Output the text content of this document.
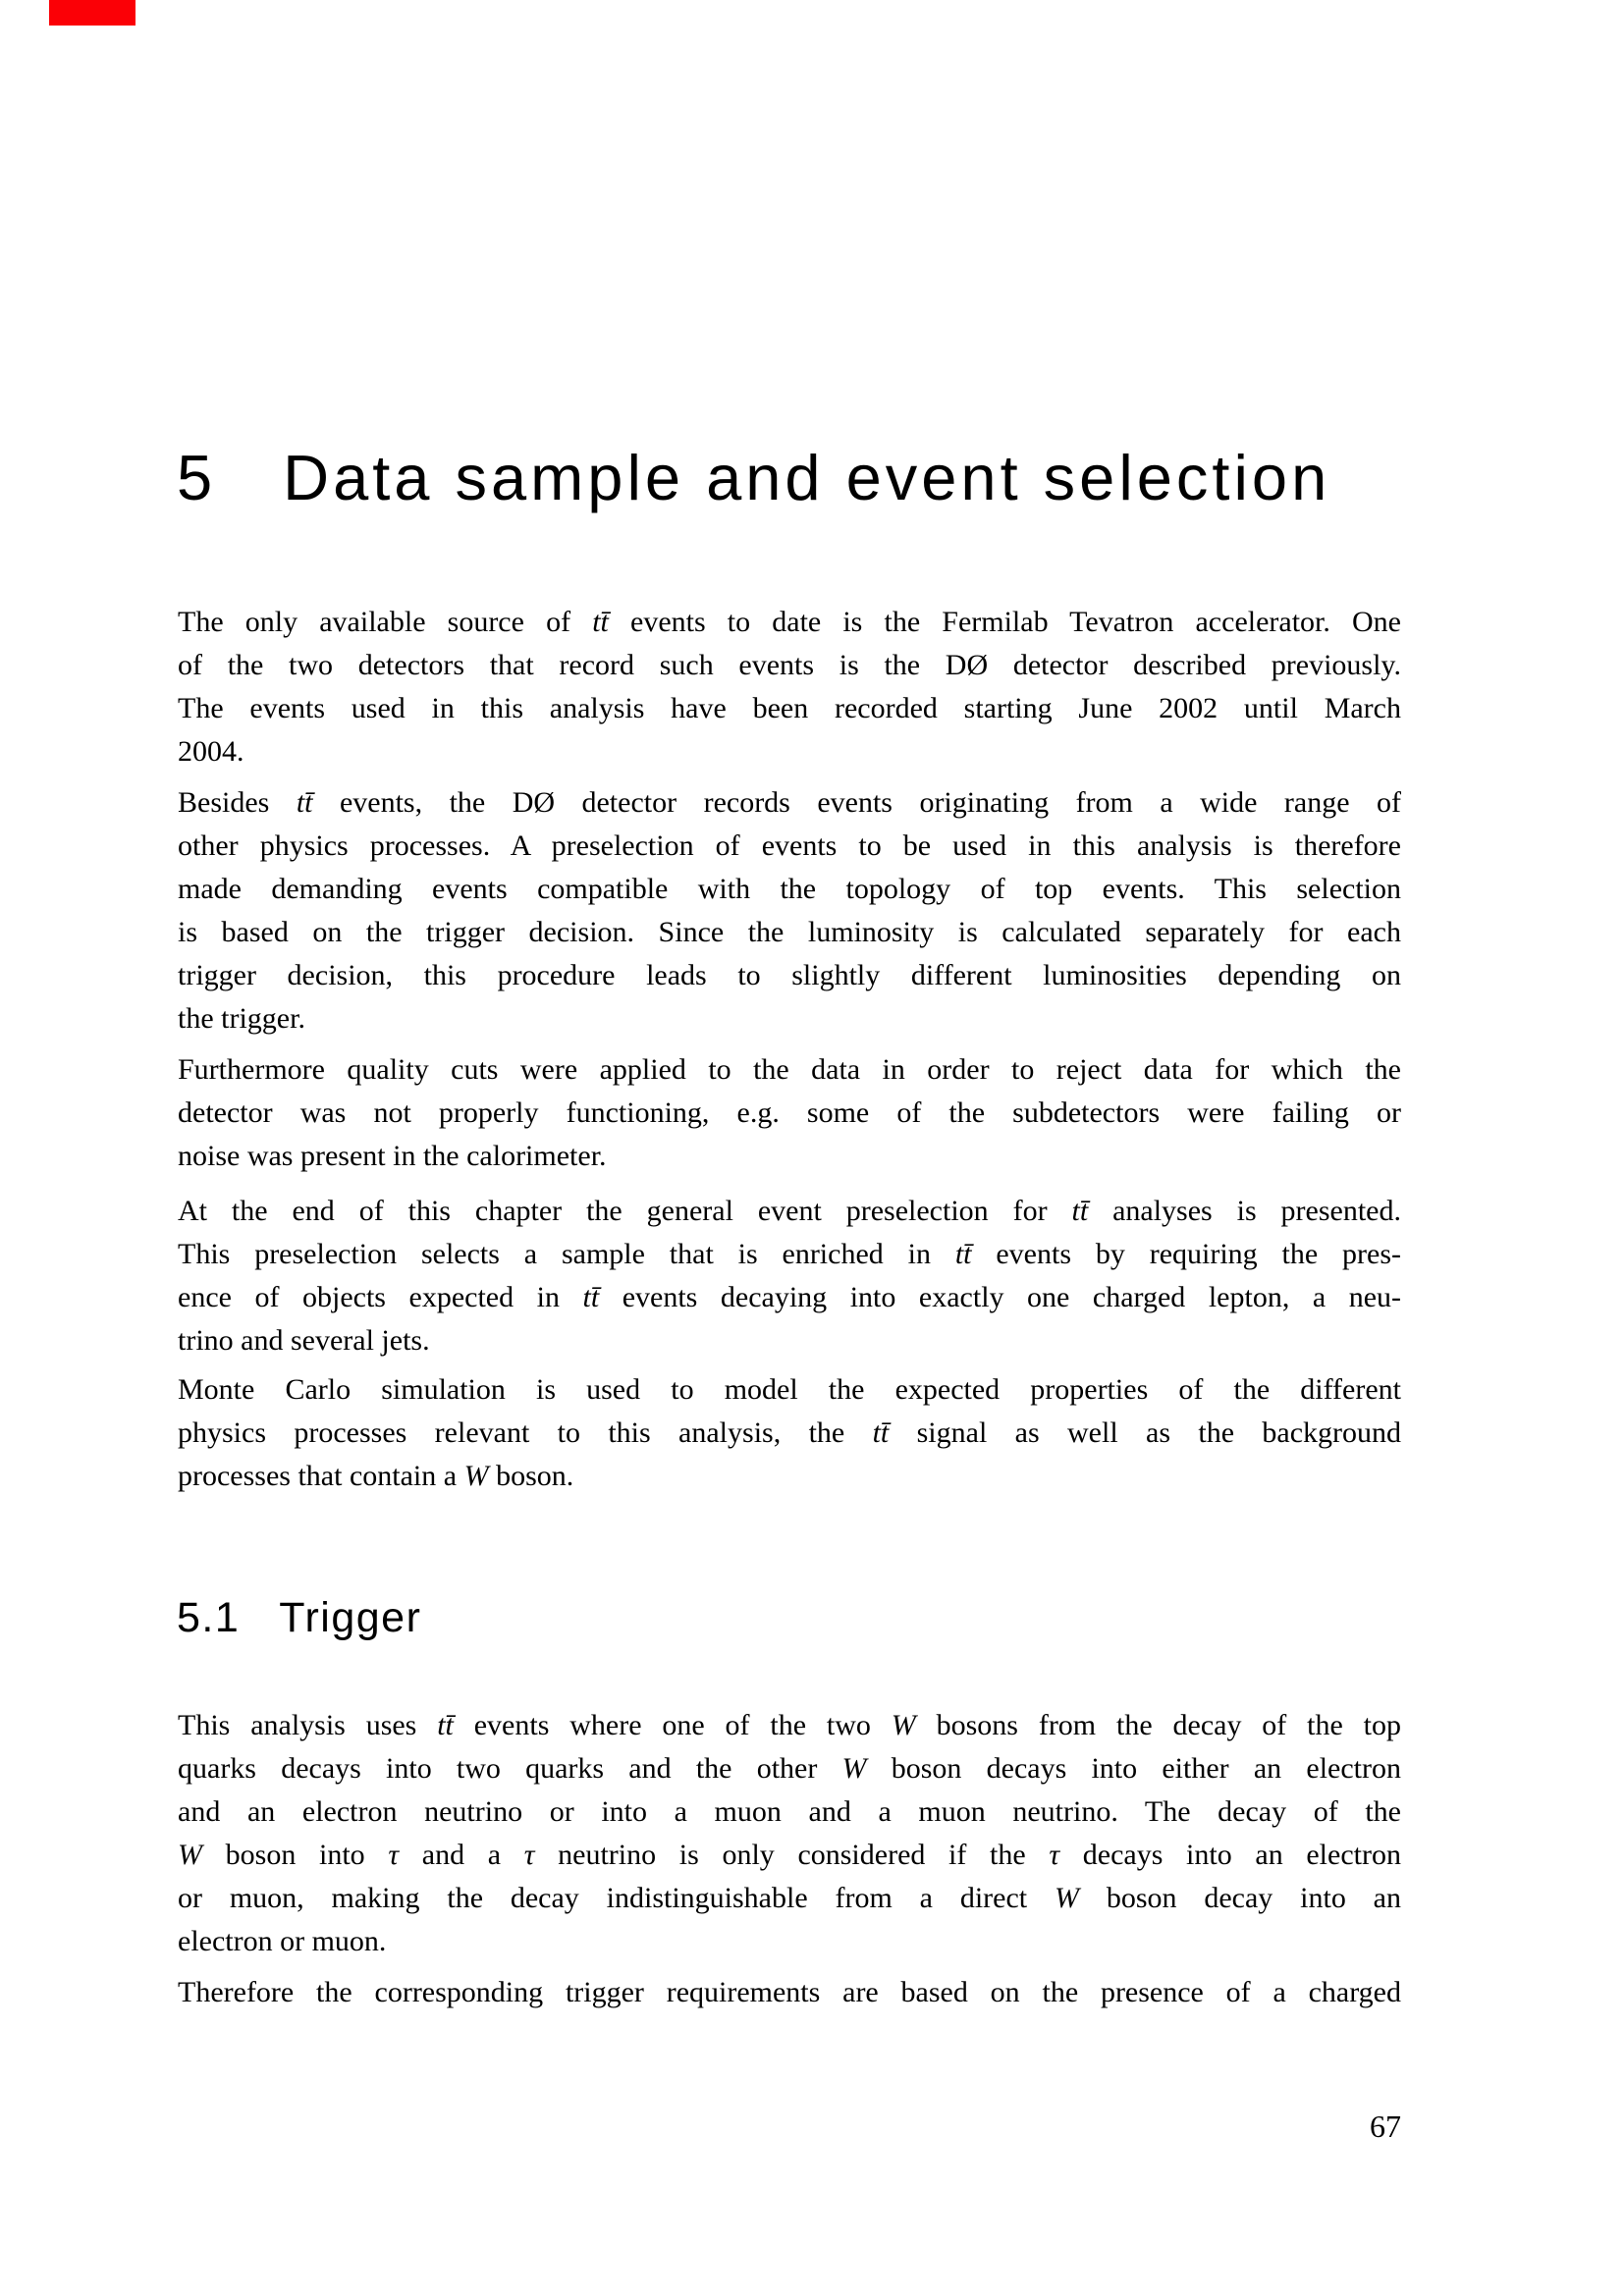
5 Data sample and event selection
The only available source of tt̄ events to date is the Fermilab Tevatron accelerator. One
of the two detectors that record such events is the DØ detector described previously.
The events used in this analysis have been recorded starting June 2002 until March
2004.
Besides tt̄ events, the DØ detector records events originating from a wide range of
other physics processes. A preselection of events to be used in this analysis is therefore
made demanding events compatible with the topology of top events. This selection
is based on the trigger decision. Since the luminosity is calculated separately for each
trigger decision, this procedure leads to slightly different luminosities depending on
the trigger.
Furthermore quality cuts were applied to the data in order to reject data for which the
detector was not properly functioning, e.g. some of the subdetectors were failing or
noise was present in the calorimeter.
At the end of this chapter the general event preselection for tt̄ analyses is presented.
This preselection selects a sample that is enriched in tt̄ events by requiring the pres-
ence of objects expected in tt̄ events decaying into exactly one charged lepton, a neu-
trino and several jets.
Monte Carlo simulation is used to model the expected properties of the different
physics processes relevant to this analysis, the tt̄ signal as well as the background
processes that contain a W boson.
5.1 Trigger
This analysis uses tt̄ events where one of the two W bosons from the decay of the top
quarks decays into two quarks and the other W boson decays into either an electron
and an electron neutrino or into a muon and a muon neutrino. The decay of the
W boson into τ and a τ neutrino is only considered if the τ decays into an electron
or muon, making the decay indistinguishable from a direct W boson decay into an
electron or muon.
Therefore the corresponding trigger requirements are based on the presence of a charged
67
